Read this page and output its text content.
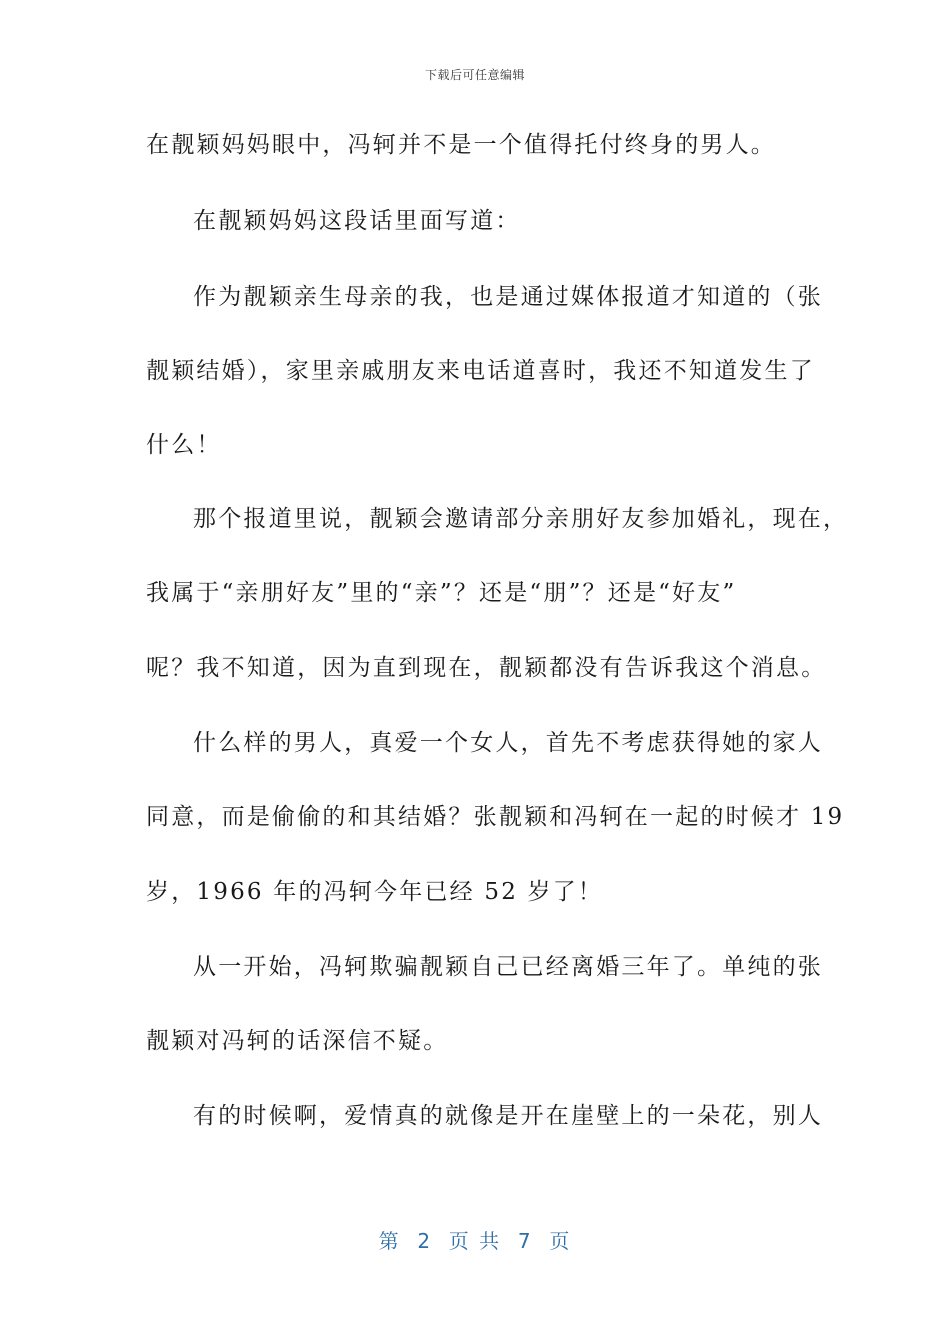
下载后可任意编辑
在靓颖妈妈眼中，冯轲并不是一个值得托付终身的男人。
在靓颖妈妈这段话里面写道：
作为靓颖亲生母亲的我，也是通过媒体报道才知道的（张
靓颖结婚），家里亲戚朋友来电话道喜时，我还不知道发生了
什么！
那个报道里说，靓颖会邀请部分亲朋好友参加婚礼，现在，
我属于“亲朋好友”里的“亲”？还是“朋”？还是“好友”
呢？我不知道，因为直到现在，靓颖都没有告诉我这个消息。
什么样的男人，真爱一个女人，首先不考虑获得她的家人
同意，而是偷偷的和其结婚？张靓颖和冯轲在一起的时候才 19
岁，1966 年的冯轲今年已经 52 岁了！
从一开始，冯轲欺骗靓颖自己已经离婚三年了。单纯的张
靓颖对冯轲的话深信不疑。
有的时候啊，爱情真的就像是开在崖壁上的一朵花，别人
第  2  页 共  7  页
